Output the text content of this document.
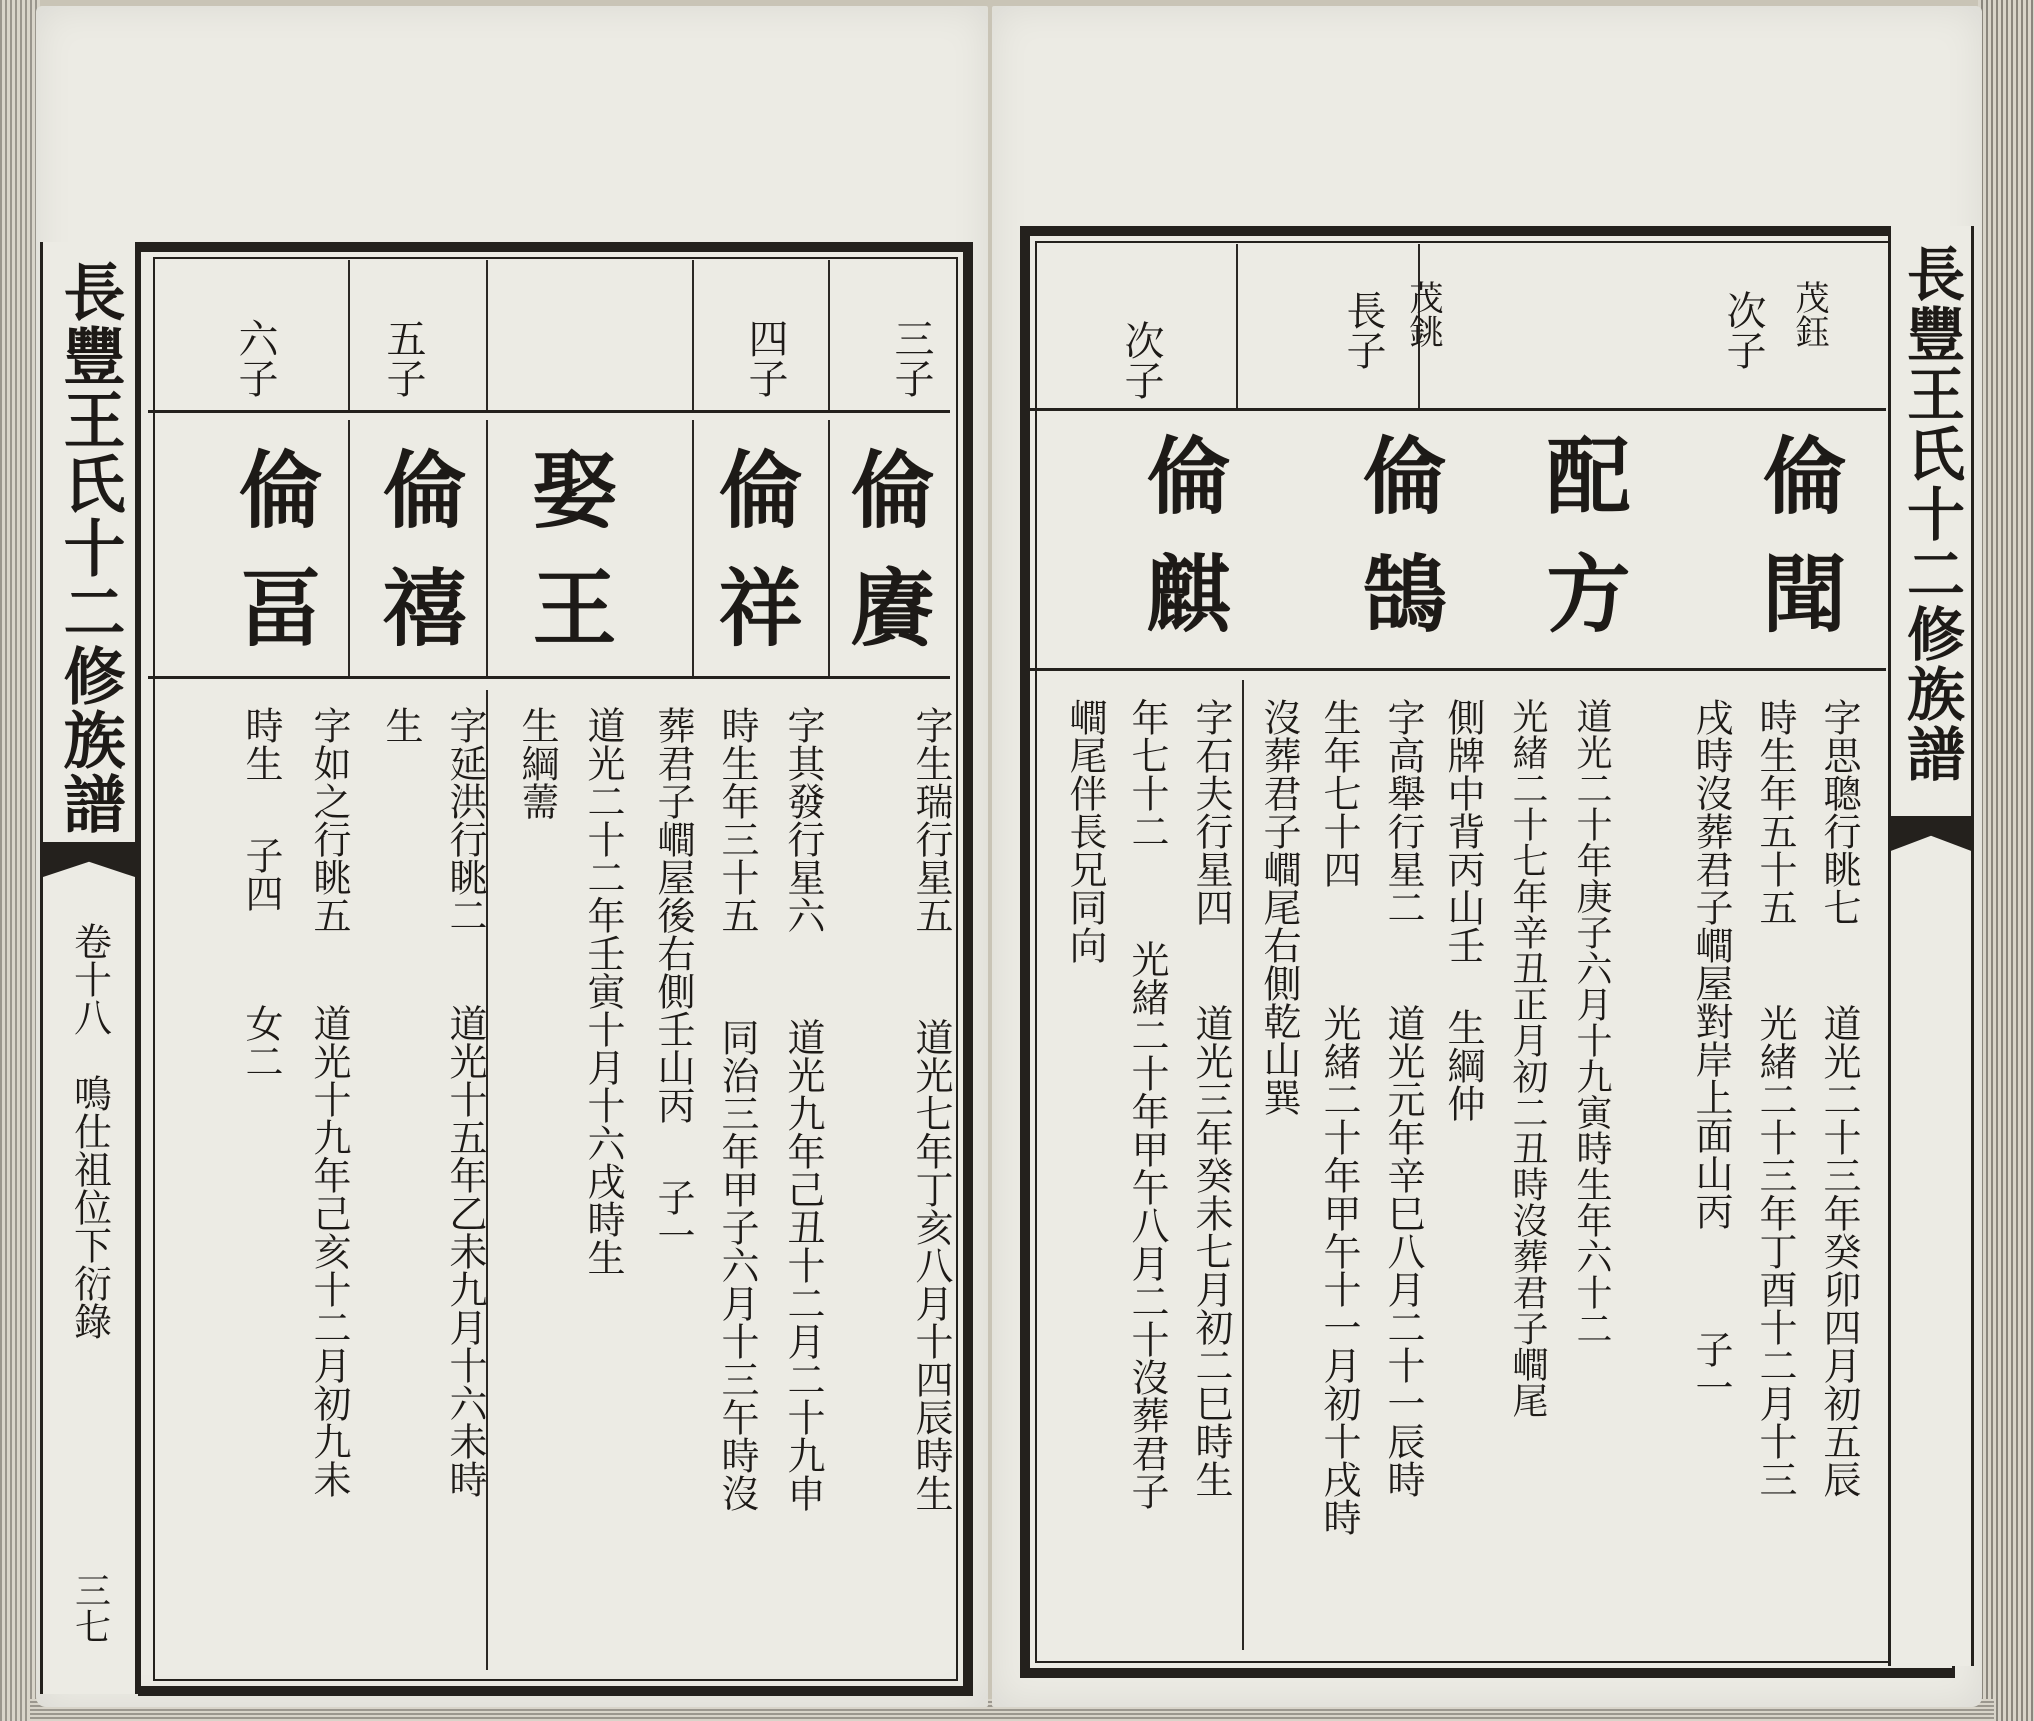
長豐王氏十二修族譜
卷十八　鳴仕祖位下衍錄
三七
三子
四子
五子
六子
倫賡
倫祥
娶王
倫禧
倫畐
字生瑞行星五
道光七年丁亥八月十四辰時生
字其發行星六
道光九年己丑十二月二十九申
時生年三十五
同治三年甲子六月十三午時沒
葬君子𡼏屋後右側壬山丙
子一
道光二十二年壬寅十月十六戌時生
生綱薷
字延洪行眺二
道光十五年乙未九月十六未時
生
字如之行眺五
道光十九年己亥十二月初九未
時生
子四
女二
長豐王氏十二修族譜
茂鈺
次子
茂銚
長子
次子
倫聞
配方
倫鵠
倫麒
字思聰行眺七
道光二十三年癸卯四月初五辰
時生年五十五
光緒二十三年丁酉十二月十三
戌時沒葬君子𡼏屋對岸上面山丙
子一
道光二十年庚子六月十九寅時生年六十二
光緒二十七年辛丑正月初二丑時沒葬君子𡼏尾
側牌中背丙山壬
生綱仲
字高舉行星二
道光元年辛巳八月二十一辰時
生年七十四
光緒二十年甲午十一月初十戌時
沒葬君子𡼏尾右側乾山巽
字石夫行星四
道光三年癸未七月初二巳時生
年七十二
光緒二十年甲午八月二十沒葬君子
𡼏尾伴長兄同向
